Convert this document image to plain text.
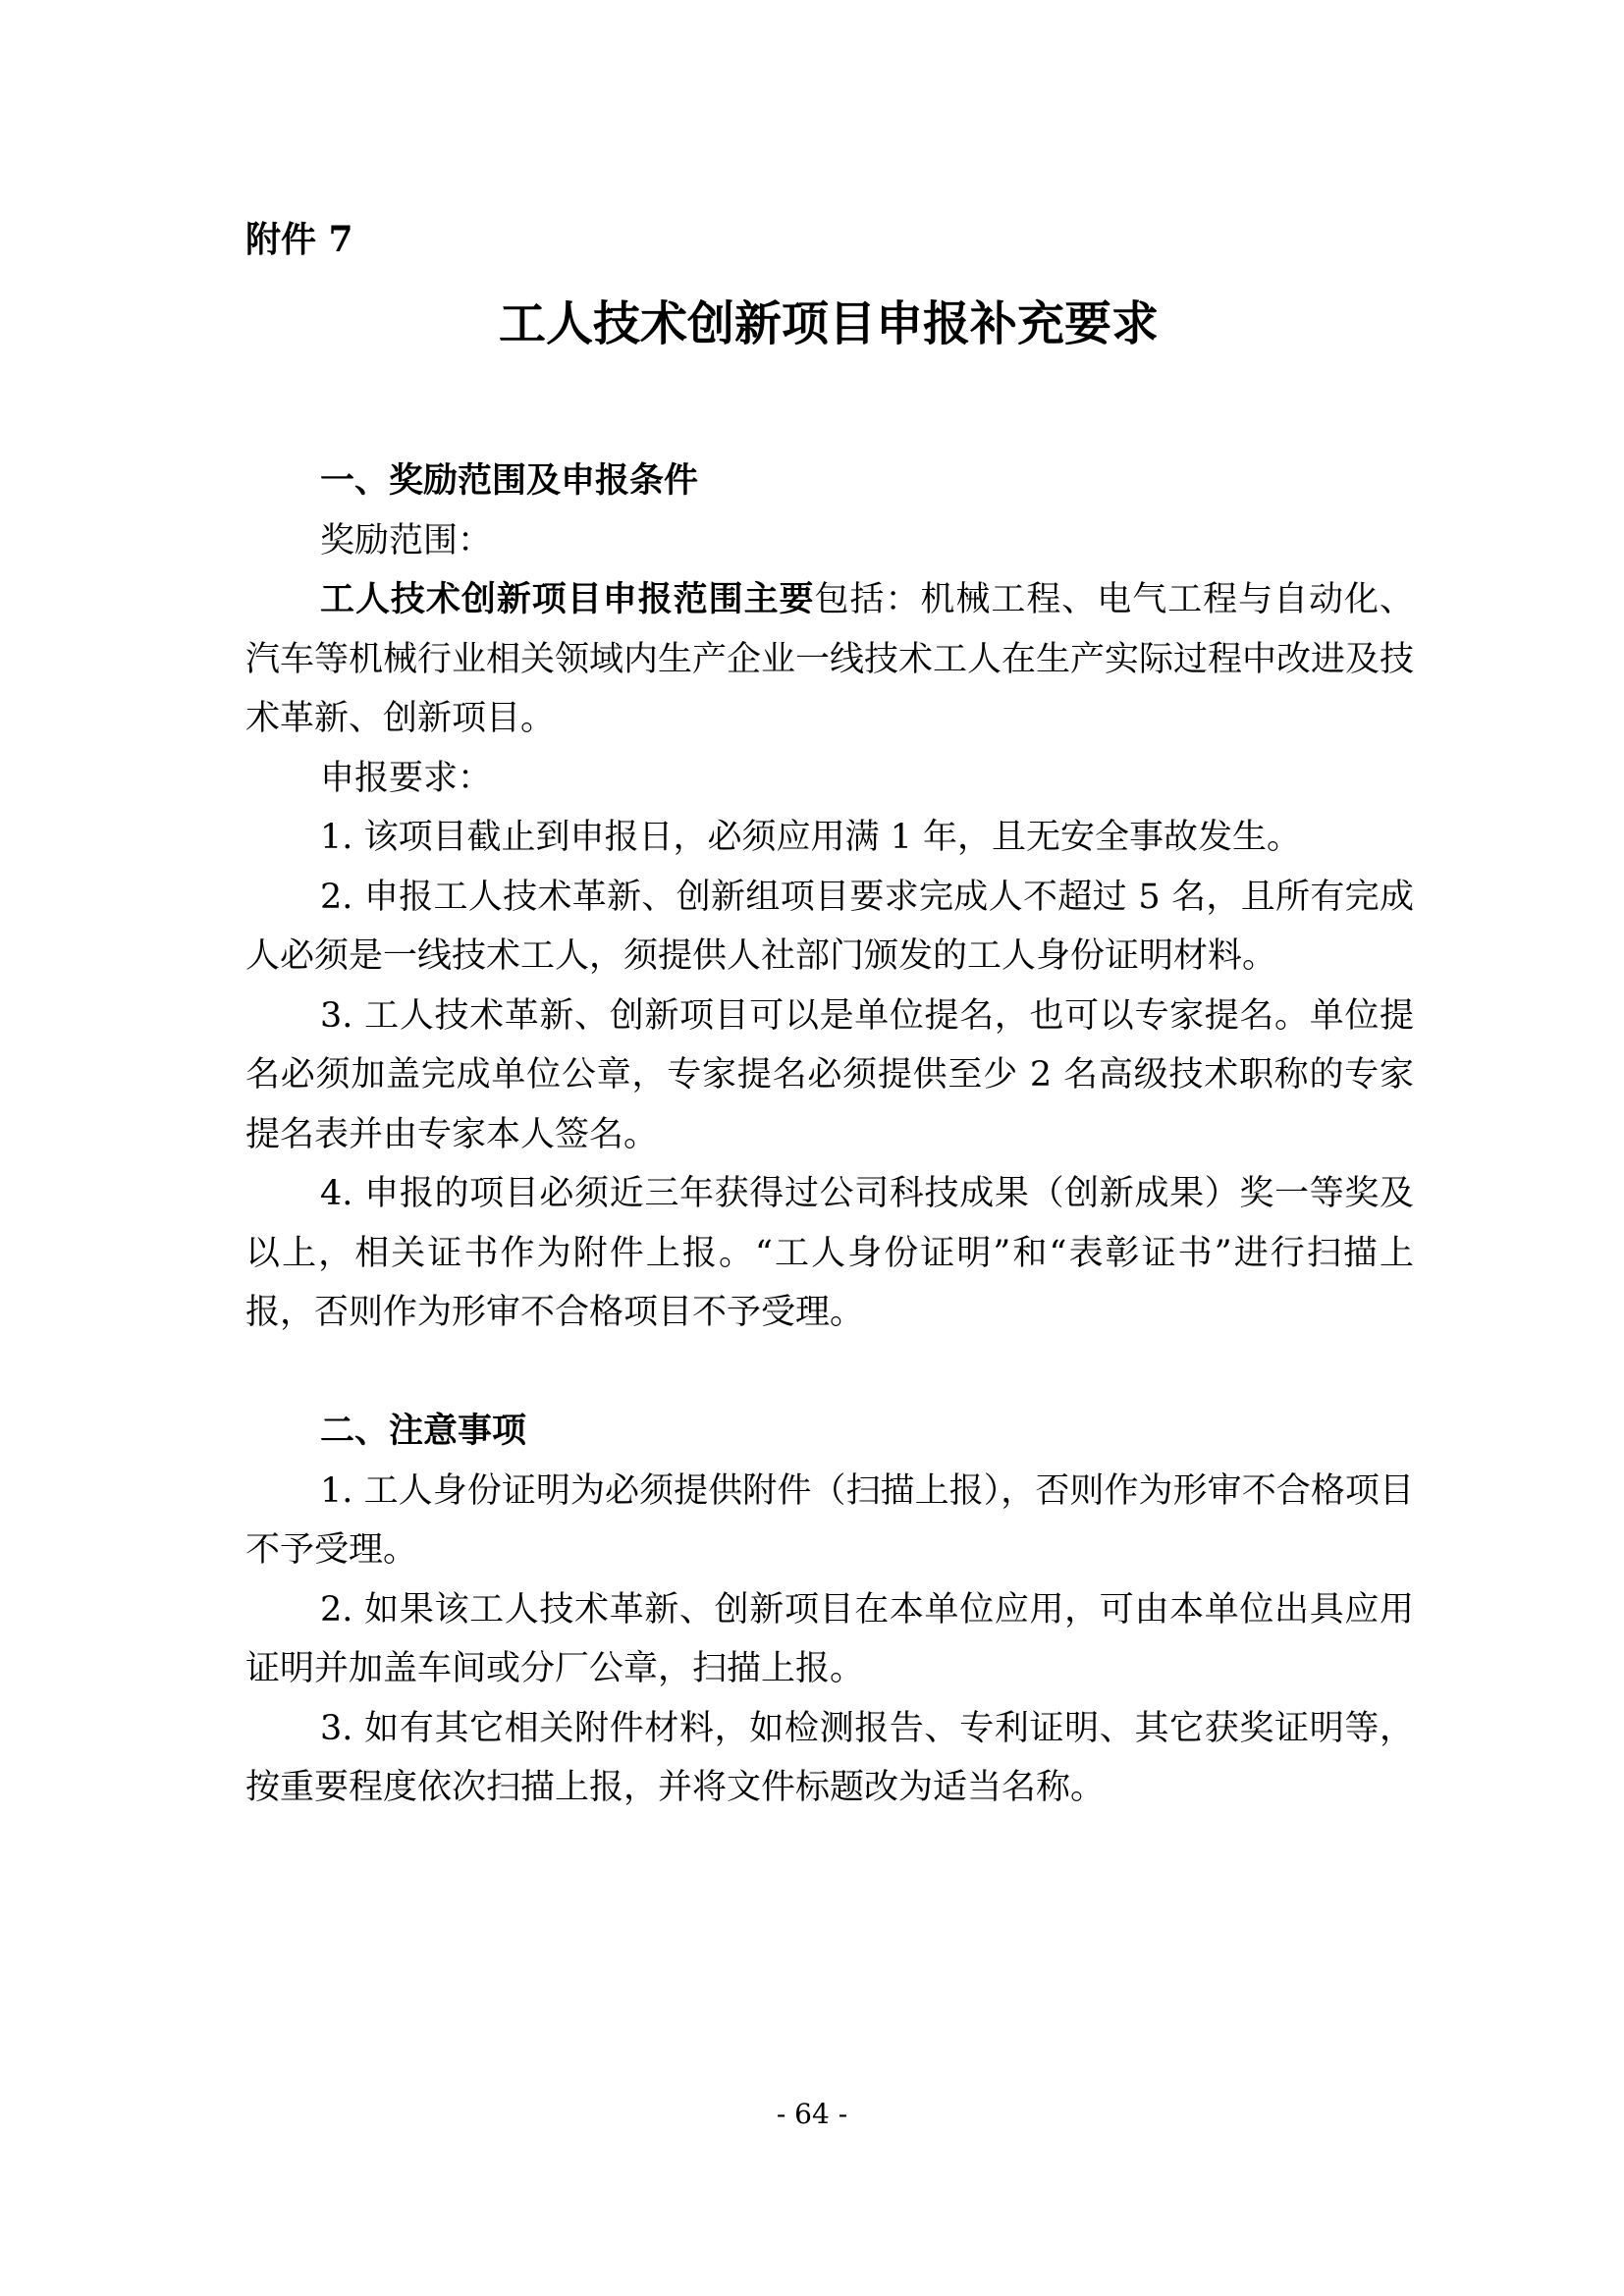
附件 7

工人技术创新项目申报补充要求

一、奖励范围及申报条件

奖励范围：

工人技术创新项目申报范围主要包括：机械工程、电气工程与自动化、汽车等机械行业相关领域内生产企业一线技术工人在生产实际过程中改进及技术革新、创新项目。

申报要求：

1. 该项目截止到申报日，必须应用满 1 年，且无安全事故发生。

2. 申报工人技术革新、创新组项目要求完成人不超过 5 名，且所有完成人必须是一线技术工人，须提供人社部门颁发的工人身份证明材料。

3. 工人技术革新、创新项目可以是单位提名，也可以专家提名。单位提名必须加盖完成单位公章，专家提名必须提供至少 2 名高级技术职称的专家提名表并由专家本人签名。

4. 申报的项目必须近三年获得过公司科技成果（创新成果）奖一等奖及以上，相关证书作为附件上报。“工人身份证明”和“表彰证书”进行扫描上报，否则作为形审不合格项目不予受理。

二、注意事项

1. 工人身份证明为必须提供附件（扫描上报），否则作为形审不合格项目不予受理。

2. 如果该工人技术革新、创新项目在本单位应用，可由本单位出具应用证明并加盖车间或分厂公章，扫描上报。

3. 如有其它相关附件材料，如检测报告、专利证明、其它获奖证明等，按重要程度依次扫描上报，并将文件标题改为适当名称。

- 64 -
